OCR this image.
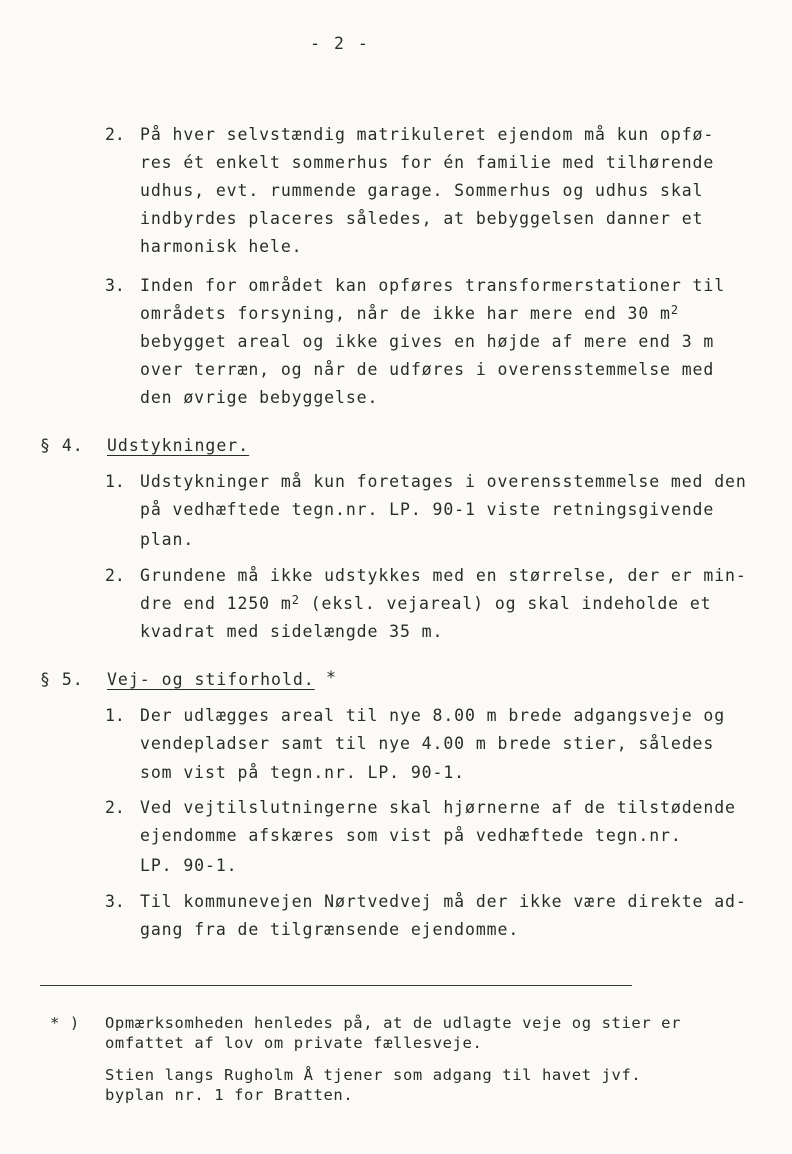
- 2 -
2. På hver selvstændig matrikuleret ejendom må kun opfø-
res ét enkelt sommerhus for én familie med tilhørende
udhus, evt. rummende garage. Sommerhus og udhus skal
indbyrdes placeres således, at bebyggelsen danner et
harmonisk hele.
3. Inden for området kan opføres transformerstationer til
områdets forsyning, når de ikke har mere end 30 $m^2$
bebygget areal og ikke gives en højde af mere end 3 m
over terræn, og når de udføres i overensstemmelse med
den øvrige bebyggelse.
§ 4. Udstykninger.
1. Udstykninger må kun foretages i overensstemmelse med den
på vedhæftede tegn.nr. LP. 90-1 viste retningsgivende
plan.
2. Grundene må ikke udstykkes med en størrelse, der er min-
dre end 1250 $m^2$ (eksl. vejareal) og skal indeholde et
kvadrat med sidelængde 35 m.
§ 5. Vej- og stiforhold. *
1. Der udlægges areal til nye 8.00 m brede adgangsveje og
vendepladser samt til nye 4.00 m brede stier, således
som vist på tegn.nr. LP. 90-1.
2. Ved vejtilslutningerne skal hjørnerne af de tilstødende
ejendomme afskæres som vist på vedhæftede tegn.nr.
LP. 90-1.
3. Til kommunevejen Nørtvedvej må der ikke være direkte ad-
gang fra de tilgrænsende ejendomme.
* ) Opmærksomheden henledes på, at de udlagte veje og stier er
omfattet af lov om private fællesveje.
Stien langs Rugholm Å tjener som adgang til havet jvf.
byplan nr. 1 for Bratten.
